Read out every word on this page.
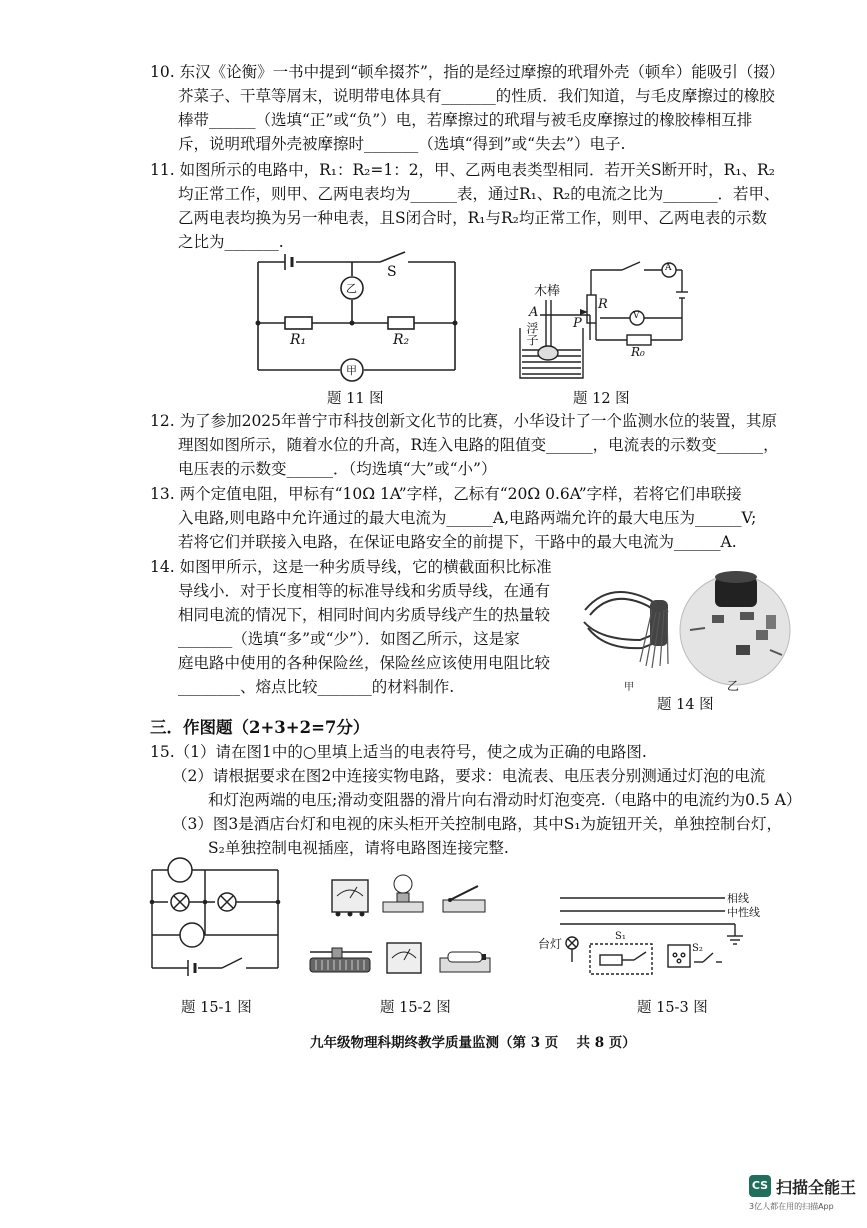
10. 东汉《论衡》一书中提到“顿牟掇芥”，指的是经过摩擦的玳瑁外壳（顿牟）能吸引（掇）
芥菜子、干草等屑末，说明带电体具有_______的性质．我们知道，与毛皮摩擦过的橡胶
棒带______（选填“正”或“负”）电，若摩擦过的玳瑁与被毛皮摩擦过的橡胶棒相互排
斥，说明玳瑁外壳被摩擦时_______（选填“得到”或“失去”）电子.
11. 如图所示的电路中，R₁：R₂=1：2，甲、乙两电表类型相同．若开关S断开时，R₁、R₂
均正常工作，则甲、乙两电表均为______表，通过R₁、R₂的电流之比为_______．若甲、
乙两电表均换为另一种电表，且S闭合时，R₁与R₂均正常工作，则甲、乙两电表的示数
之比为_______.
S
R₁	R₂
乙
甲
题 11 图
木棒
A
浮子
R
P
R₀
A
V
题 12 图
12. 为了参加2025年普宁市科技创新文化节的比赛，小华设计了一个监测水位的装置，其原
理图如图所示，随着水位的升高，R连入电路的阻值变______，电流表的示数变______，
电压表的示数变______．（均选填“大”或“小”）
13. 两个定值电阻，甲标有“10Ω 1A”字样，乙标有“20Ω 0.6A”字样，若将它们串联接
入电路,则电路中允许通过的最大电流为______A,电路两端允许的最大电压为______V;
若将它们并联接入电路，在保证电路安全的前提下，干路中的最大电流为______A.
14. 如图甲所示，这是一种劣质导线，它的横截面积比标准
导线小．对于长度相等的标准导线和劣质导线，在通有
相同电流的情况下，相同时间内劣质导线产生的热量较
_______（选填“多”或“少”）．如图乙所示，这是家
庭电路中使用的各种保险丝，保险丝应该使用电阻比较
________、熔点比较_______的材料制作.	甲	乙
题 14 图
三．作图题（2+3+2=7分）
15.（1）请在图1中的○里填上适当的电表符号，使之成为正确的电路图.
（2）请根据要求在图2中连接实物电路，要求：电流表、电压表分别测通过灯泡的电流
和灯泡两端的电压;滑动变阻器的滑片向右滑动时灯泡变亮.（电路中的电流约为0.5 A）
（3）图3是酒店台灯和电视的床头柜开关控制电路，其中S₁为旋钮开关，单独控制台灯，
S₂单独控制电视插座，请将电路图连接完整.
题 15-1 图	题 15-2 图
相线
中性线
台灯
S₁
S₂
题 15-3 图
九年级物理科期终教学质量监测（第 3 页　 共 8 页）
CS 扫描全能王
3亿人都在用的扫描App
